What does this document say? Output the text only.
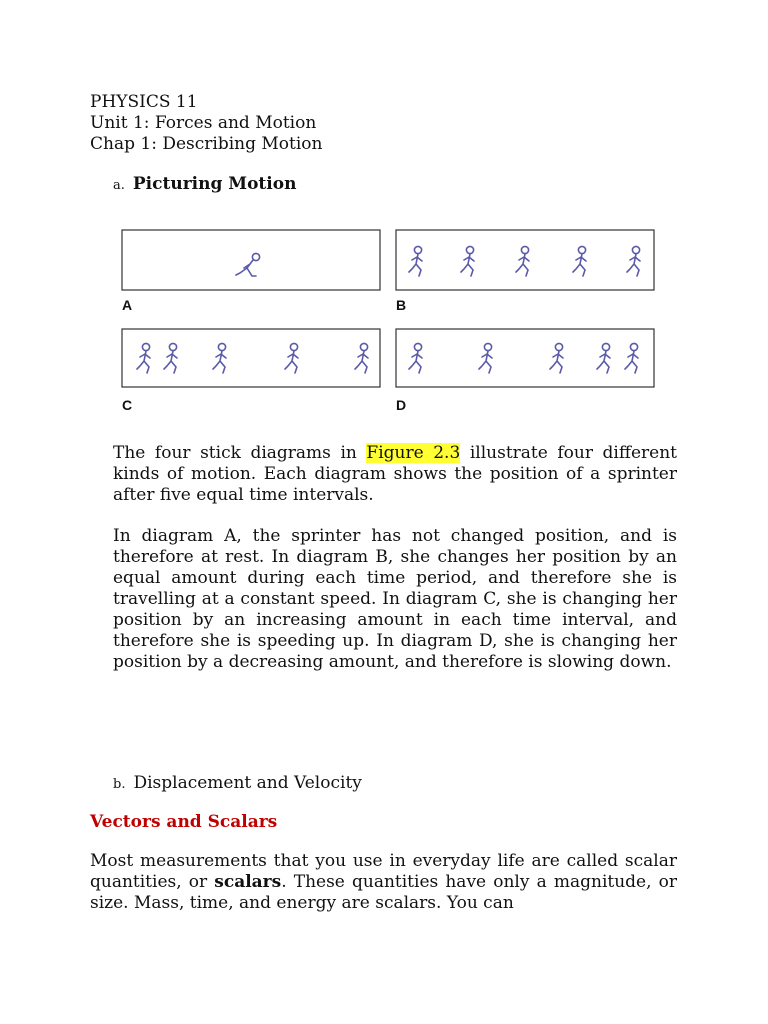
PHYSICS 11
Unit 1: Forces and Motion
Chap 1: Describing Motion
a. Picturing Motion
A	B
C	D

The four stick diagrams in Figure 2.3 illustrate four different kinds of motion. Each diagram shows the position of a sprinter after five equal time intervals.

In diagram A, the sprinter has not changed position, and is therefore at rest. In diagram B, she changes her position by an equal amount during each time period, and therefore she is travelling at a constant speed. In diagram C, she is changing her position by an increasing amount in each time interval, and therefore she is speeding up. In diagram D, she is changing her position by a decreasing amount, and therefore is slowing down.

b. Displacement and Velocity
Vectors and Scalars

Most measurements that you use in everyday life are called scalar quantities, or scalars. These quantities have only a magnitude, or size. Mass, time, and energy are scalars. You can
